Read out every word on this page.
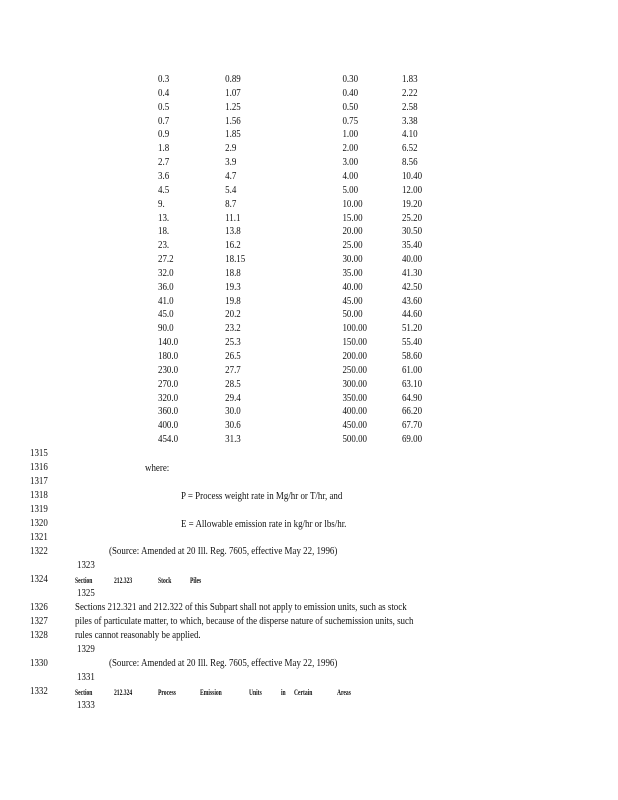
0.3	0.89	0.30	1.83
0.4	1.07	0.40	2.22
0.5	1.25	0.50	2.58
0.7	1.56	0.75	3.38
0.9	1.85	1.00	4.10
1.8	2.9	2.00	6.52
2.7	3.9	3.00	8.56
3.6	4.7	4.00	10.40
4.5	5.4	5.00	12.00
9.	8.7	10.00	19.20
13.	11.1	15.00	25.20
18.	13.8	20.00	30.50
23.	16.2	25.00	35.40
27.2	18.15	30.00	40.00
32.0	18.8	35.00	41.30
36.0	19.3	40.00	42.50
41.0	19.8	45.00	43.60
45.0	20.2	50.00	44.60
90.0	23.2	100.00	51.20
140.0	25.3	150.00	55.40
180.0	26.5	200.00	58.60
230.0	27.7	250.00	61.00
270.0	28.5	300.00	63.10
320.0	29.4	350.00	64.90
360.0	30.0	400.00	66.20
400.0	30.6	450.00	67.70
454.0	31.3	500.00	69.00
1315
1316
1317
1318
1319
1320
1321
1322
1323
1324
1325
1326
1327
1328
1329
1330
1331
1332
1333
where:
P = Process weight rate in Mg/hr or T/hr, and
E = Allowable emission rate in kg/hr or lbs/hr.
(Source: Amended at 20 Ill. Reg. 7605, effective May 22, 1996)
Section	212.323	Stock Piles
Sections 212.321 and 212.322 of this Subpart shall not apply to emission units, such as stock
piles of particulate matter, to which, because of the disperse nature of suchemission units, such
rules cannot reasonably be applied.
(Source: Amended at 20 Ill. Reg. 7605, effective May 22, 1996)
Section	212.324	Process	Emission	Units in Certain	Areas
